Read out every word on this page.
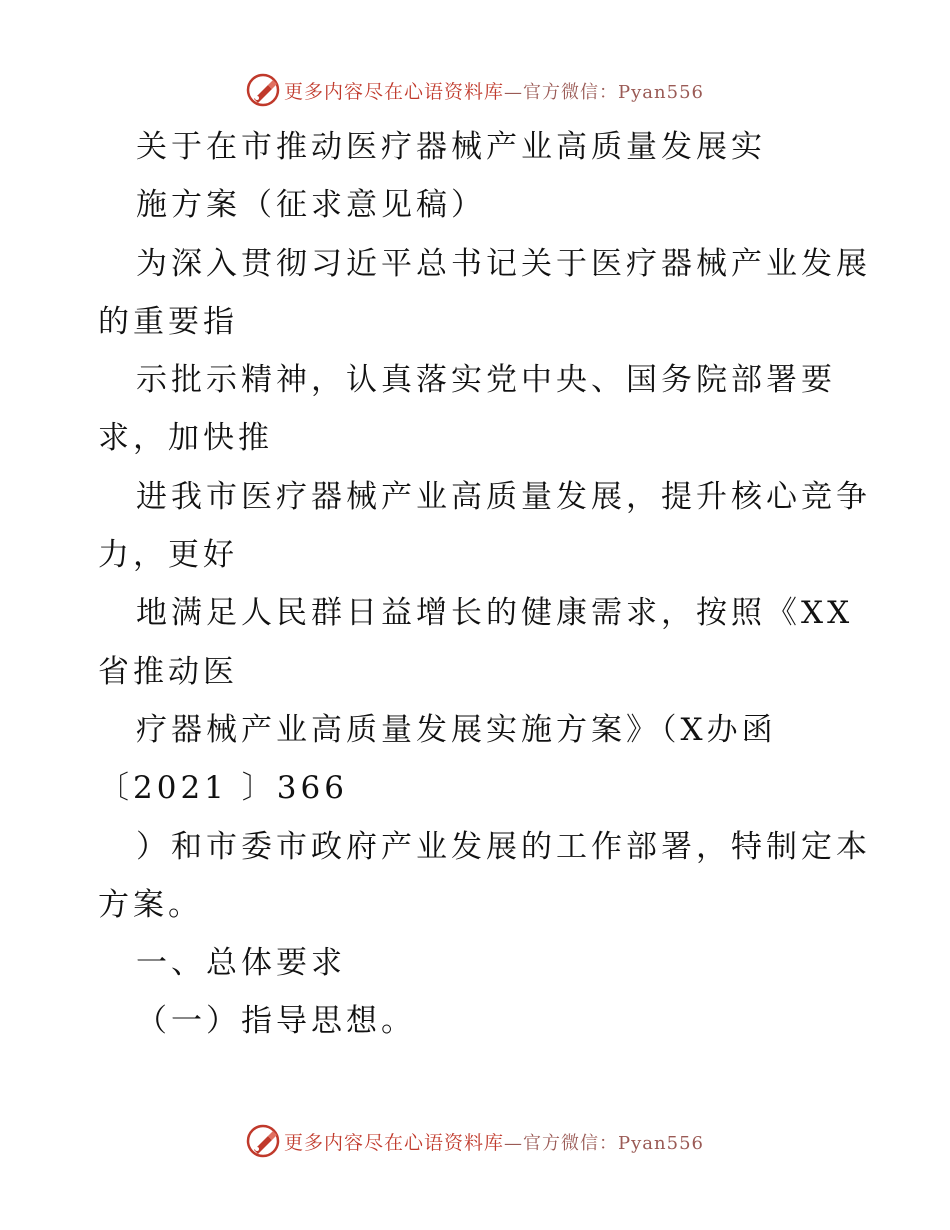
更多内容尽在心语资料库—官方微信：Pyan556
关于在市推动医疗器械产业高质量发展实
施方案（征求意见稿）
为深入贯彻习近平总书记关于医疗器械产业发展
的重要指
示批示精神，认真落实党中央、国务院部署要
求，加快推
进我市医疗器械产业高质量发展，提升核心竞争
力，更好
地满足人民群日益增长的健康需求，按照《XX
省推动医
疗器械产业高质量发展实施方案》（X办函
〔2021 〕366
）和市委市政府产业发展的工作部署，特制定本
方案。
一、总体要求
（一）指导思想。
更多内容尽在心语资料库—官方微信：Pyan556
